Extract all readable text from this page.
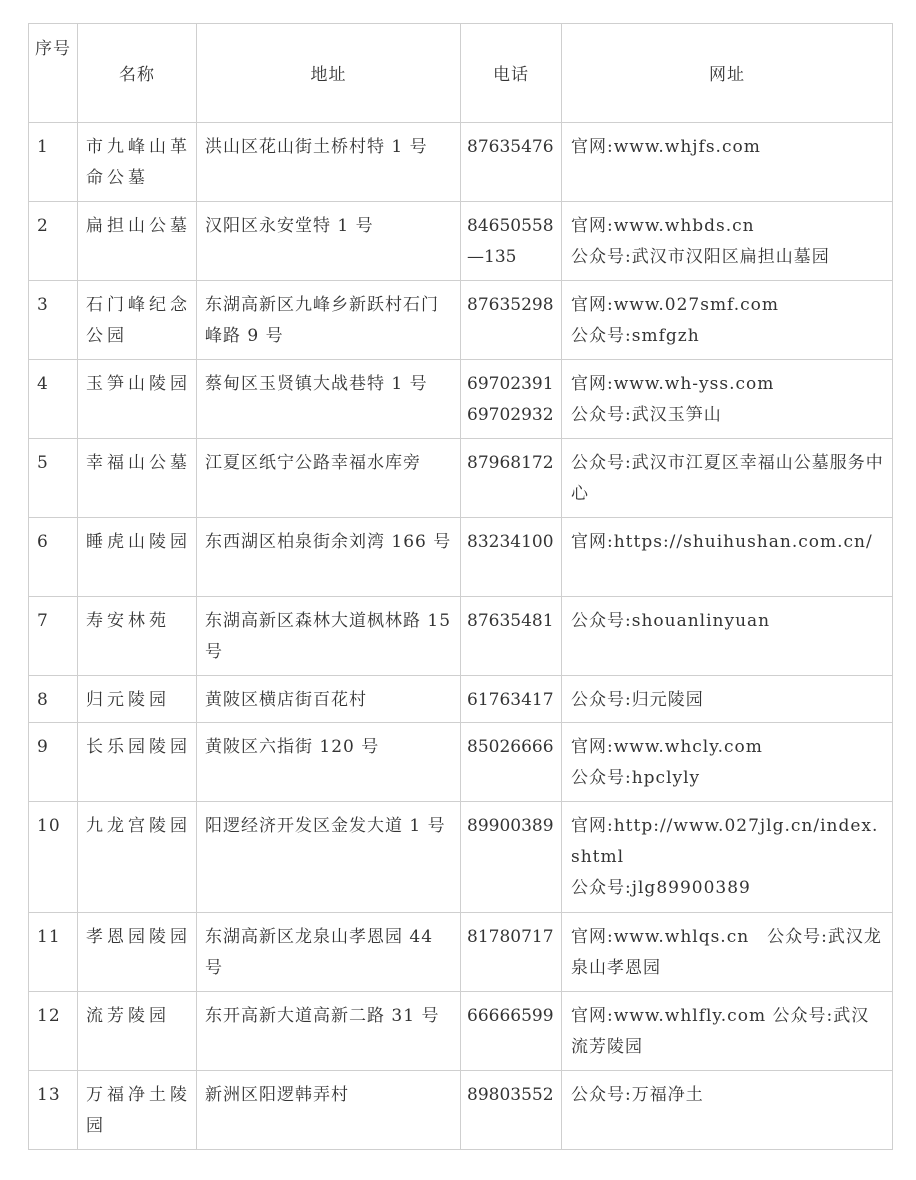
序号	名称	地址	电话	网址

1	市九峰山革命公墓	洪山区花山街土桥村特 1 号	87635476	官网:www.whjfs.com

2	扁担山公墓	汉阳区永安堂特 1 号	84650558—135	官网:www.whbds.cn
公众号:武汉市汉阳区扁担山墓园

3	石门峰纪念公园	东湖高新区九峰乡新跃村石门峰路 9 号	87635298	官网:www.027smf.com
公众号:smfgzh

4	玉笋山陵园	蔡甸区玉贤镇大战巷特 1 号	69702391
69702932	官网:www.wh-yss.com
公众号:武汉玉笋山

5	幸福山公墓	江夏区纸宁公路幸福水库旁	87968172	公众号:武汉市江夏区幸福山公墓服务中心

6	睡虎山陵园	东西湖区柏泉街余刘湾 166 号	83234100	官网:https://shuihushan.com.cn/

7	寿安林苑	东湖高新区森林大道枫林路 15 号	87635481	公众号:shouanlinyuan

8	归元陵园	黄陂区横店街百花村	61763417	公众号:归元陵园

9	长乐园陵园	黄陂区六指街 120 号	85026666	官网:www.whcly.com
公众号:hpclyly

10	九龙宫陵园	阳逻经济开发区金发大道 1 号	89900389	官网:http://www.027jlg.cn/index.shtml
公众号:jlg89900389

11	孝恩园陵园	东湖高新区龙泉山孝恩园 44 号	81780717	官网:www.whlqs.cn　公众号:武汉龙泉山孝恩园

12	流芳陵园	东开高新大道高新二路 31 号	66666599	官网:www.whlfly.com 公众号:武汉流芳陵园

13	万福净土陵园	新洲区阳逻韩弄村	89803552	公众号:万福净土
